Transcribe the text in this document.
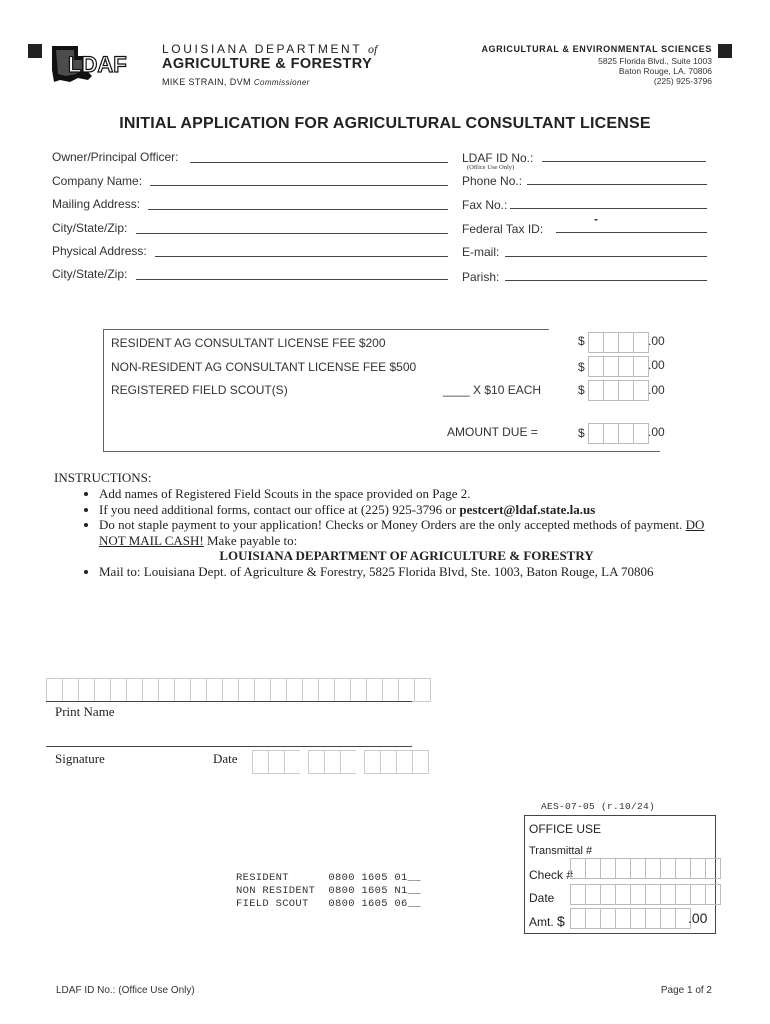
LDAF
LOUISIANA DEPARTMENT of
AGRICULTURE & FORESTRY
MIKE STRAIN, DVM Commissioner
AGRICULTURAL & ENVIRONMENTAL SCIENCES
5825 Florida Blvd., Suite 1003
Baton Rouge, LA. 70806
(225) 925-3796
INITIAL APPLICATION FOR AGRICULTURAL CONSULTANT LICENSE
Owner/Principal Officer:
Company Name:
Mailing Address:
City/State/Zip:
Physical Address:
City/State/Zip:
LDAF ID No.:
(Office Use Only)
Phone No.:
Fax No.:
Federal Tax ID:
-
E-mail:
Parish:
RESIDENT AG CONSULTANT LICENSE FEE $200	$	.00
NON-RESIDENT AG CONSULTANT LICENSE FEE $500	$	.00
REGISTERED FIELD SCOUT(S)	____ X $10 EACH	$	.00
AMOUNT DUE =	$	.00
INSTRUCTIONS:
• Add names of Registered Field Scouts in the space provided on Page 2.
• If you need additional forms, contact our office at (225) 925-3796 or pestcert@ldaf.state.la.us
• Do not staple payment to your application! Checks or Money Orders are the only accepted methods of payment. DO NOT MAIL CASH! Make payable to:
LOUISIANA DEPARTMENT OF AGRICULTURE & FORESTRY
• Mail to: Louisiana Dept. of Agriculture & Forestry, 5825 Florida Blvd, Ste. 1003, Baton Rouge, LA 70806
Print Name
Signature	Date
AES-07-05 (r.10/24)
OFFICE USE
Transmittal #
Check #
Date
Amt. $	.00
RESIDENT      0800 1605 01__
NON RESIDENT  0800 1605 N1__
FIELD SCOUT   0800 1605 06__
LDAF ID No.: (Office Use Only)	Page 1 of 2
